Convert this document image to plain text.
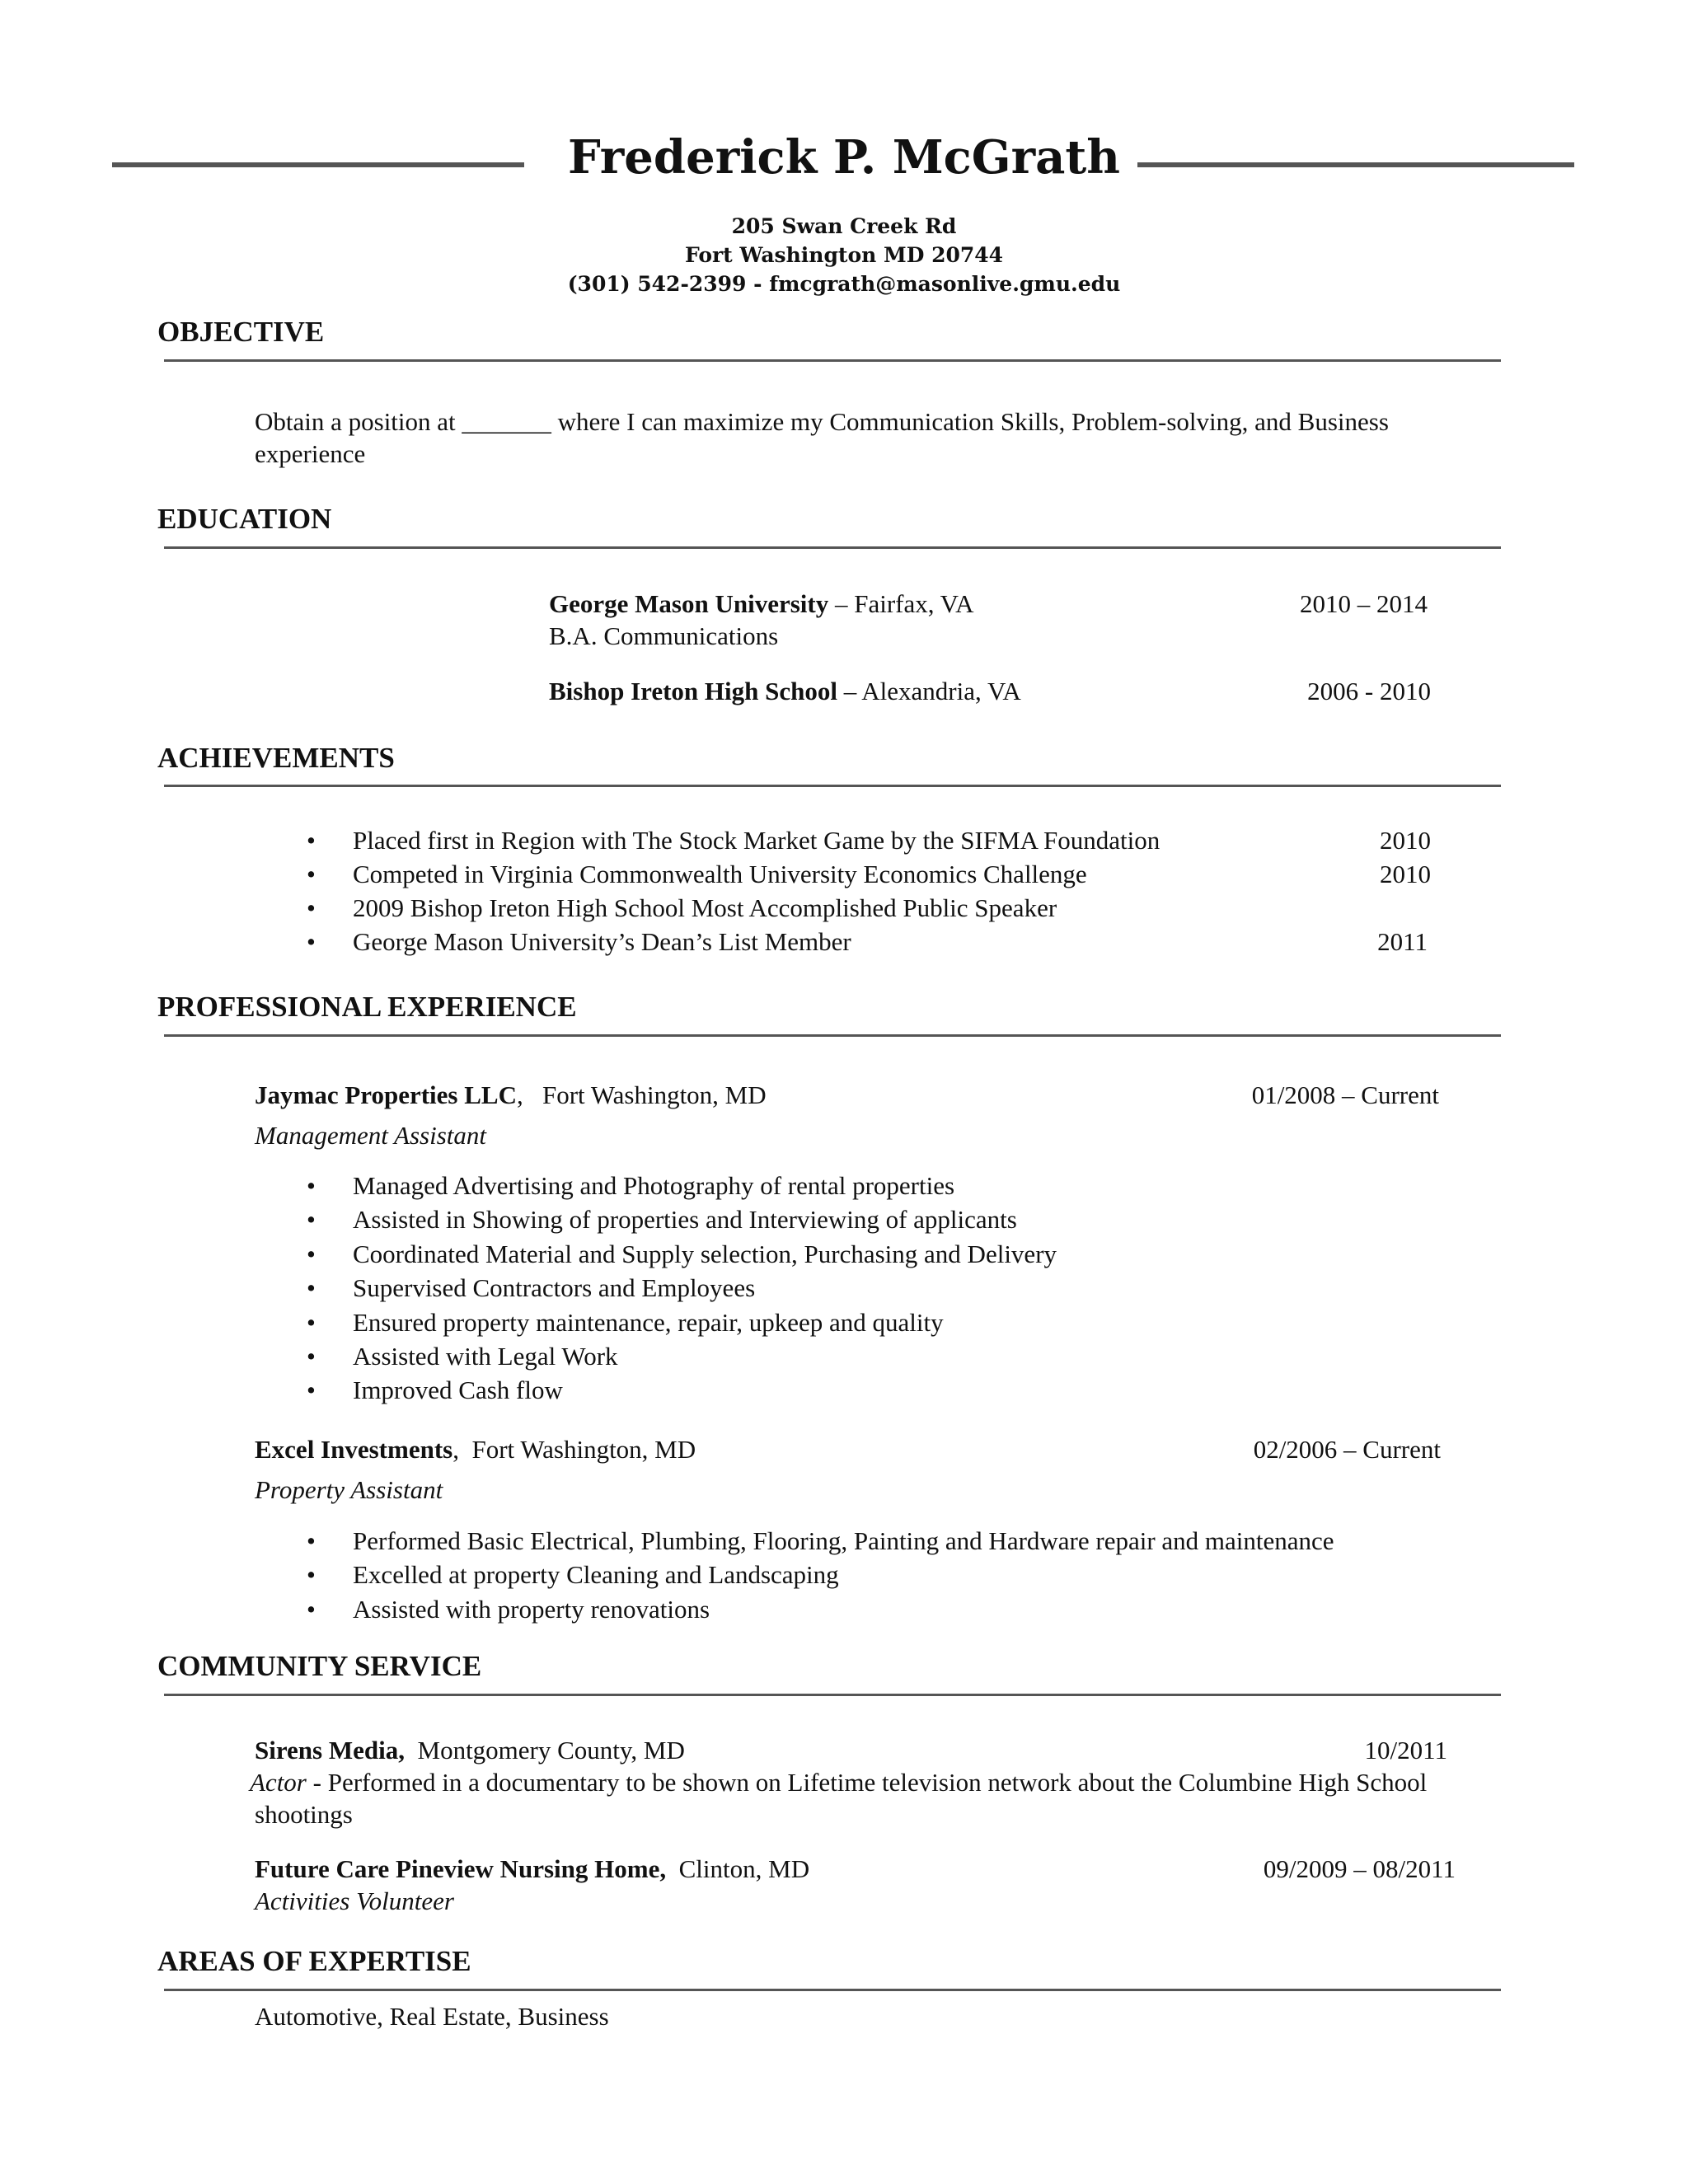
Frederick P. McGrath
205 Swan Creek Rd
Fort Washington MD 20744
(301) 542-2399 - fmcgrath@masonlive.gmu.edu
OBJECTIVE
Obtain a position at _______ where I can maximize my Communication Skills, Problem-solving, and Business
experience
EDUCATION
George Mason University – Fairfax, VA	2010 – 2014
B.A. Communications
Bishop Ireton High School – Alexandria, VA	2006 - 2010
ACHIEVEMENTS
• Placed first in Region with The Stock Market Game by the SIFMA Foundation	2010
• Competed in Virginia Commonwealth University Economics Challenge	2010
• 2009 Bishop Ireton High School Most Accomplished Public Speaker
• George Mason University’s Dean’s List Member	2011
PROFESSIONAL EXPERIENCE
Jaymac Properties LLC,   Fort Washington, MD	01/2008 – Current
Management Assistant
• Managed Advertising and Photography of rental properties
• Assisted in Showing of properties and Interviewing of applicants
• Coordinated Material and Supply selection, Purchasing and Delivery
• Supervised Contractors and Employees
• Ensured property maintenance, repair, upkeep and quality
• Assisted with Legal Work
• Improved Cash flow
Excel Investments,  Fort Washington, MD	02/2006 – Current
Property Assistant
• Performed Basic Electrical, Plumbing, Flooring, Painting and Hardware repair and maintenance
• Excelled at property Cleaning and Landscaping
• Assisted with property renovations
COMMUNITY SERVICE
Sirens Media,  Montgomery County, MD	10/2011
Actor - Performed in a documentary to be shown on Lifetime television network about the Columbine High School
shootings
Future Care Pineview Nursing Home,  Clinton, MD	09/2009 – 08/2011
Activities Volunteer
AREAS OF EXPERTISE
Automotive, Real Estate, Business
